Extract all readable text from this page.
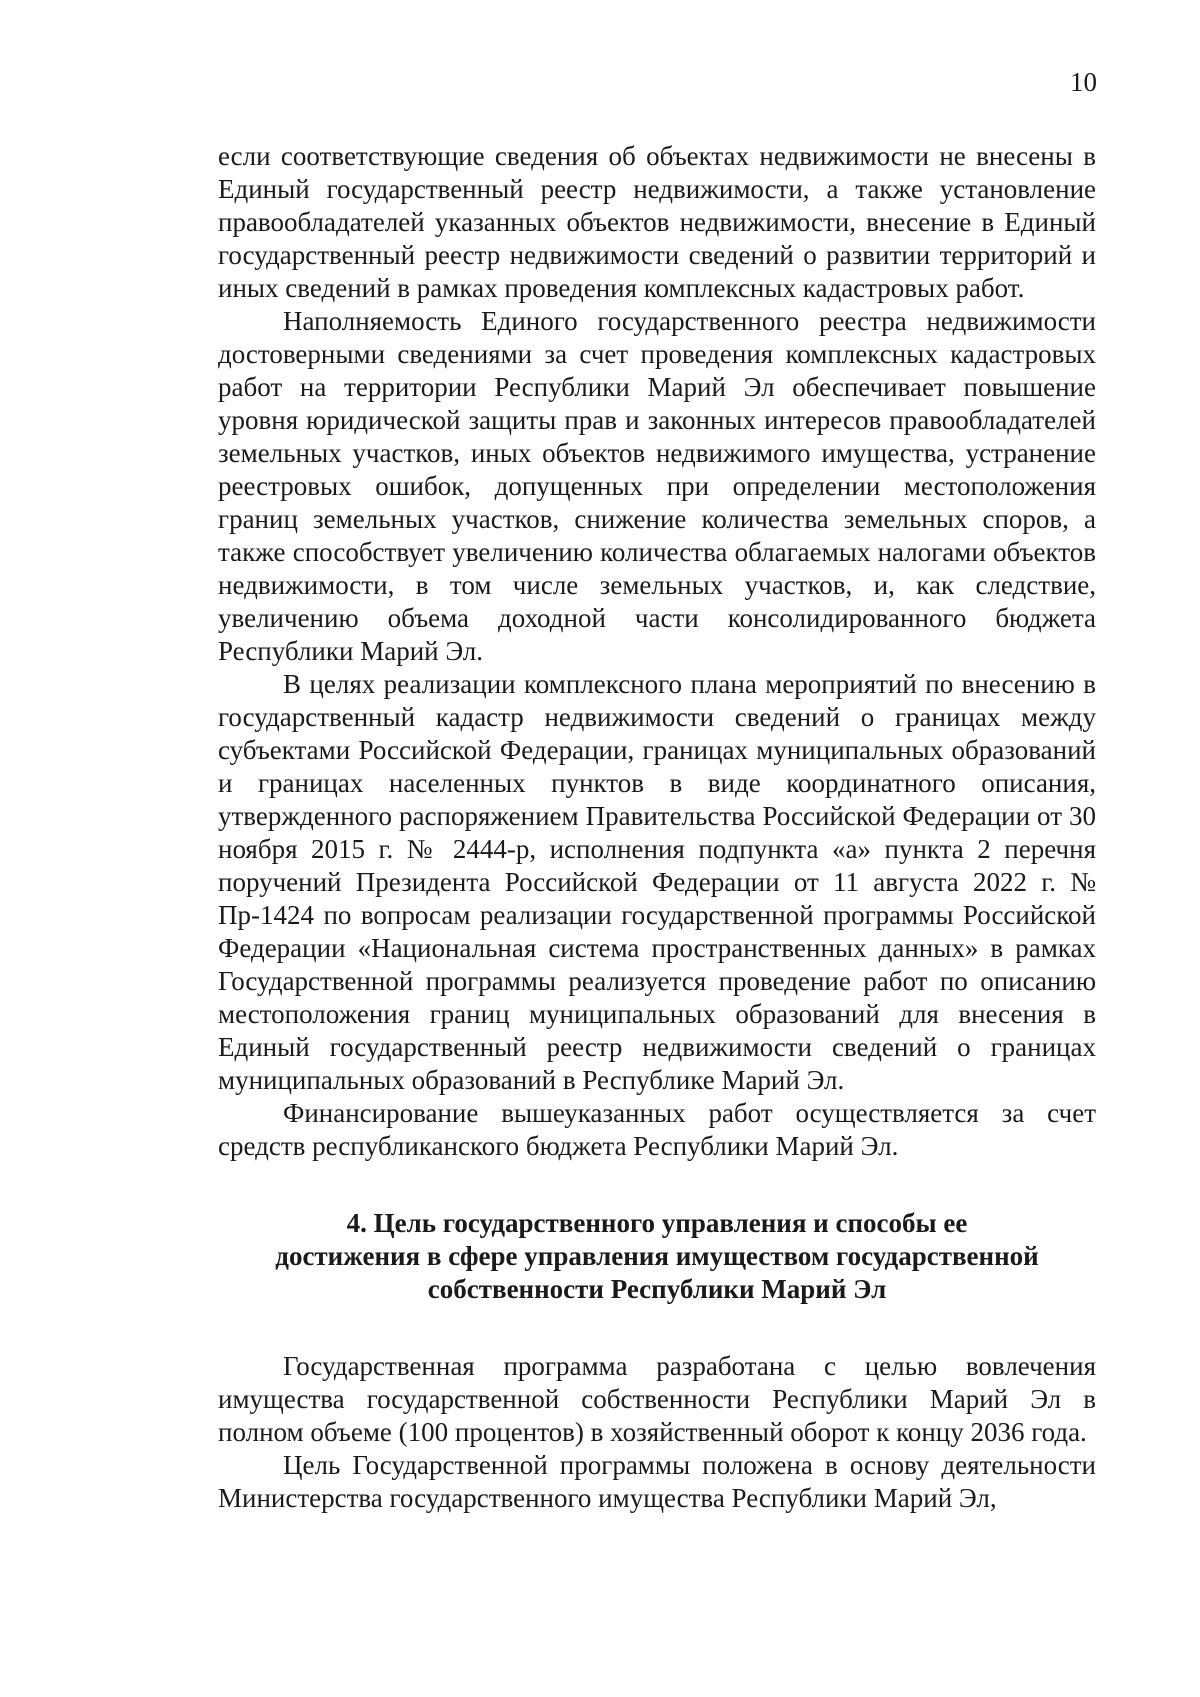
10

если соответствующие сведения об объектах недвижимости не внесены в Единый государственный реестр недвижимости, а также установление правообладателей указанных объектов недвижимости, внесение в Единый государственный реестр недвижимости сведений о развитии территорий и иных сведений в рамках проведения комплексных кадастровых работ.

Наполняемость Единого государственного реестра недвижимости достоверными сведениями за счет проведения комплексных кадастровых работ на территории Республики Марий Эл обеспечивает повышение уровня юридической защиты прав и законных интересов правообладателей земельных участков, иных объектов недвижимого имущества, устранение реестровых ошибок, допущенных при определении местоположения границ земельных участков, снижение количества земельных споров, а также способствует увеличению количества облагаемых налогами объектов недвижимости, в том числе земельных участков, и, как следствие, увеличению объема доходной части консолидированного бюджета Республики Марий Эл.

В целях реализации комплексного плана мероприятий по внесению в государственный кадастр недвижимости сведений о границах между субъектами Российской Федерации, границах муниципальных образований и границах населенных пунктов в виде координатного описания, утвержденного распоряжением Правительства Российской Федерации от 30 ноября 2015 г. № 2444-р, исполнения подпункта «а» пункта 2 перечня поручений Президента Российской Федерации от 11 августа 2022 г. № Пр-1424 по вопросам реализации государственной программы Российской Федерации «Национальная система пространственных данных» в рамках Государственной программы реализуется проведение работ по описанию местоположения границ муниципальных образований для внесения в Единый государственный реестр недвижимости сведений о границах муниципальных образований в Республике Марий Эл.

Финансирование вышеуказанных работ осуществляется за счет средств республиканского бюджета Республики Марий Эл.

4. Цель государственного управления и способы ее
достижения в сфере управления имуществом государственной
собственности Республики Марий Эл

Государственная программа разработана с целью вовлечения имущества государственной собственности Республики Марий Эл в полном объеме (100 процентов) в хозяйственный оборот к концу 2036 года.

Цель Государственной программы положена в основу деятельности Министерства государственного имущества Республики Марий Эл,
